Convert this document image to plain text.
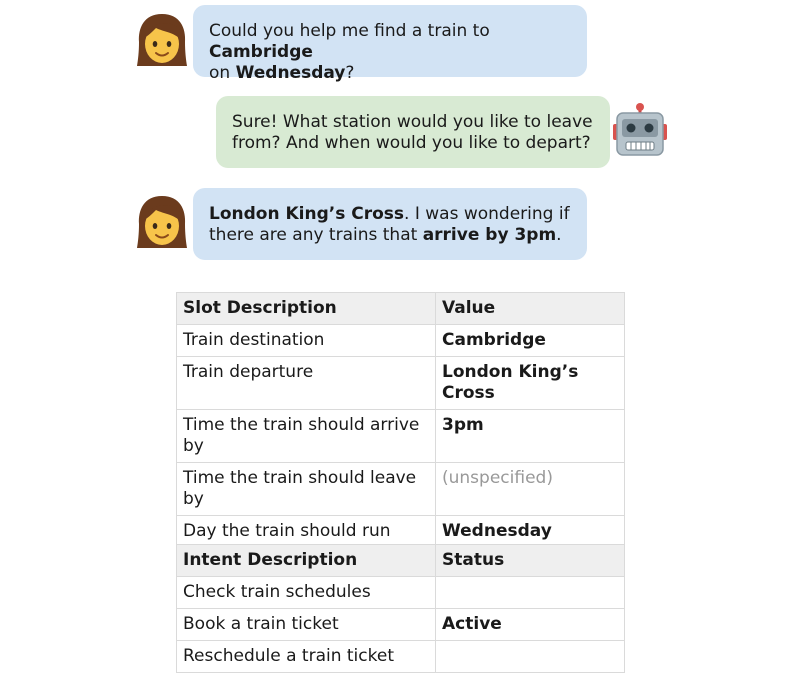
Could you help me find a train to Cambridge
on Wednesday?
Sure! What station would you like to leave from? And when would you like to depart?
London King’s Cross. I was wondering if there are any trains that arrive by 3pm.
Slot Description	Value
Train destination	Cambridge
Train departure	London King’s Cross
Time the train should arrive by	3pm
Time the train should leave by	(unspecified)
Day the train should run	Wednesday
Intent Description	Status
Check train schedules	
Book a train ticket	Active
Reschedule a train ticket	
